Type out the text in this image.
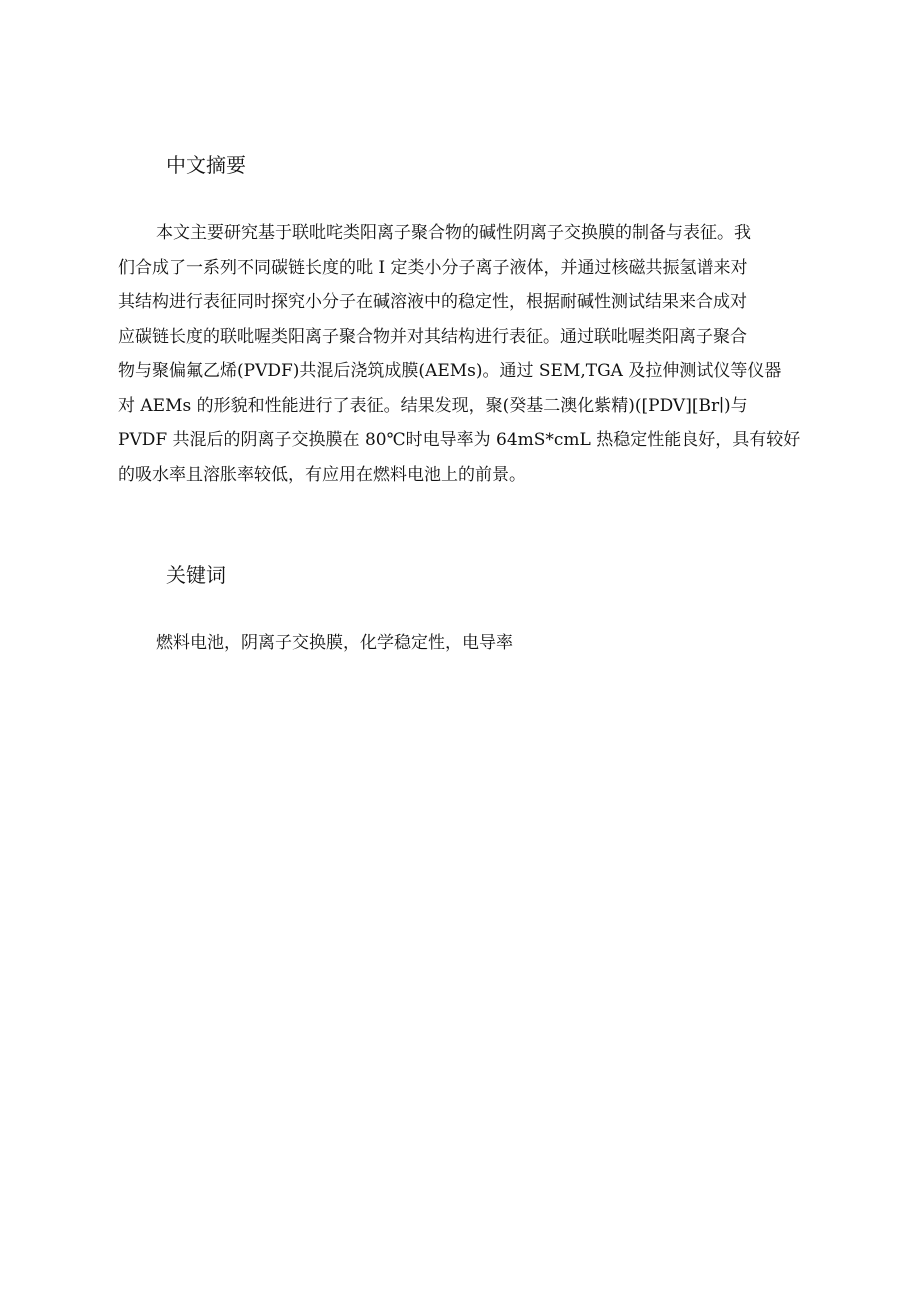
中文摘要

本文主要研究基于联吡咤类阳离子聚合物的碱性阴离子交换膜的制备与表征。我
们合成了一系列不同碳链长度的吡 I 定类小分子离子液体，并通过核磁共振氢谱来对
其结构进行表征同时探究小分子在碱溶液中的稳定性，根据耐碱性测试结果来合成对
应碳链长度的联吡喔类阳离子聚合物并对其结构进行表征。通过联吡喔类阳离子聚合
物与聚偏氟乙烯(PVDF)共混后浇筑成膜(AEMs)。通过 SEM,TGA 及拉伸测试仪等仪器
对 AEMs 的形貌和性能进行了表征。结果发现，聚(癸基二澳化紫精)([PDV][Br∣)与
PVDF 共混后的阴离子交换膜在 80℃时电导率为 64mS*cmL 热稳定性能良好，具有较好
的吸水率且溶胀率较低，有应用在燃料电池上的前景。

关键词

燃料电池，阴离子交换膜，化学稳定性，电导率
